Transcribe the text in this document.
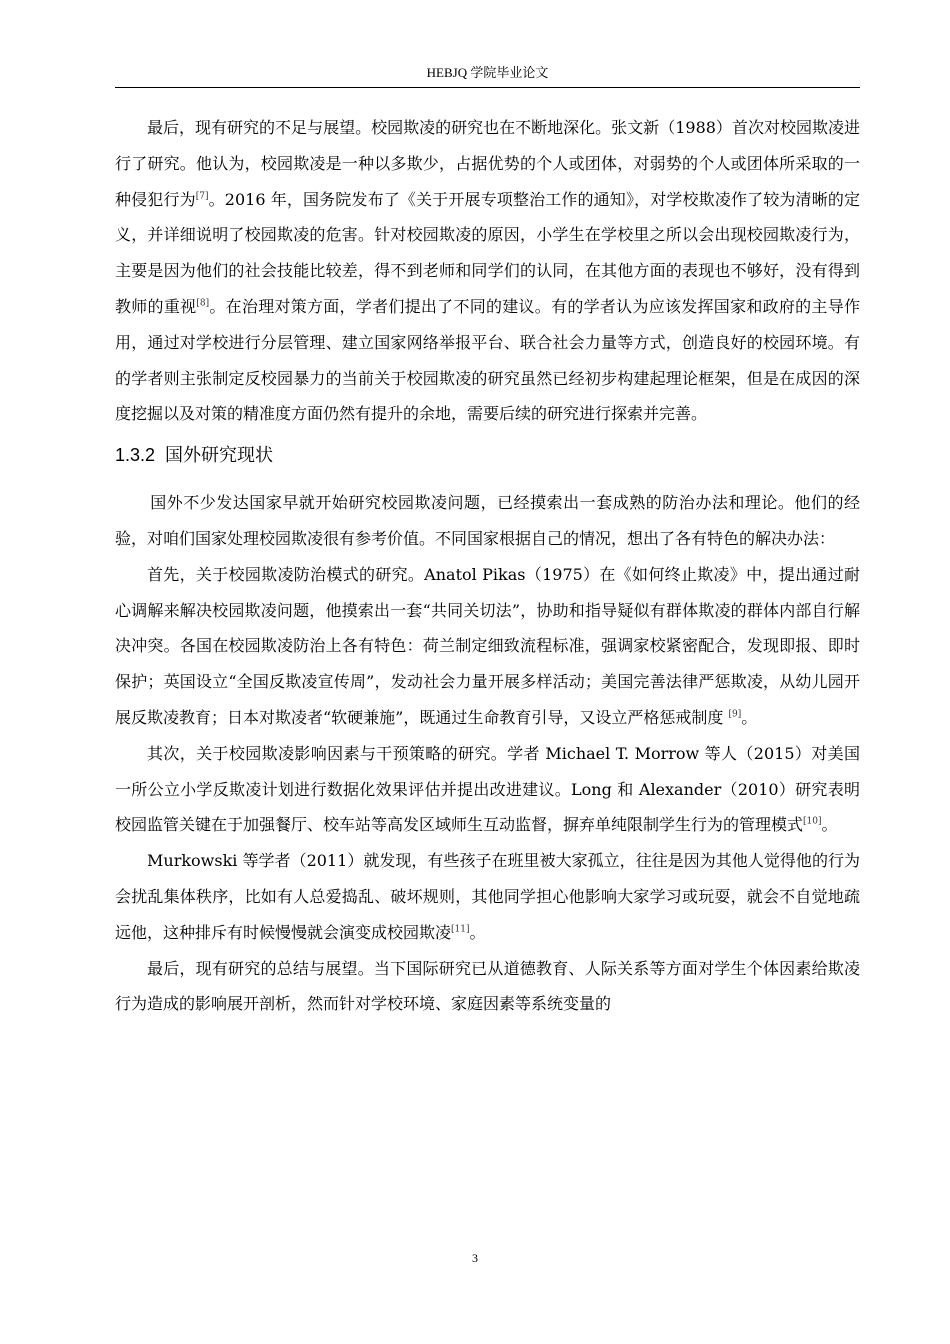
HEBJQ 学院毕业论文

最后，现有研究的不足与展望。校园欺凌的研究也在不断地深化。张文新（1988）首次对校园欺凌进行了研究。他认为，校园欺凌是一种以多欺少，占据优势的个人或团体，对弱势的个人或团体所采取的一种侵犯行为[7]。2016 年，国务院发布了《关于开展专项整治工作的通知》，对学校欺凌作了较为清晰的定义，并详细说明了校园欺凌的危害。针对校园欺凌的原因，小学生在学校里之所以会出现校园欺凌行为，主要是因为他们的社会技能比较差，得不到老师和同学们的认同，在其他方面的表现也不够好，没有得到教师的重视[8]。在治理对策方面，学者们提出了不同的建议。有的学者认为应该发挥国家和政府的主导作用，通过对学校进行分层管理、建立国家网络举报平台、联合社会力量等方式，创造良好的校园环境。有的学者则主张制定反校园暴力的当前关于校园欺凌的研究虽然已经初步构建起理论框架，但是在成因的深度挖掘以及对策的精准度方面仍然有提升的余地，需要后续的研究进行探索并完善。

1.3.2 国外研究现状

国外不少发达国家早就开始研究校园欺凌问题，已经摸索出一套成熟的防治办法和理论。他们的经验，对咱们国家处理校园欺凌很有参考价值。不同国家根据自己的情况，想出了各有特色的解决办法：

首先，关于校园欺凌防治模式的研究。Anatol Pikas（1975）在《如何终止欺凌》中，提出通过耐心调解来解决校园欺凌问题，他摸索出一套“共同关切法”，协助和指导疑似有群体欺凌的群体内部自行解决冲突。各国在校园欺凌防治上各有特色：荷兰制定细致流程标准，强调家校紧密配合，发现即报、即时保护；英国设立“全国反欺凌宣传周”，发动社会力量开展多样活动；美国完善法律严惩欺凌，从幼儿园开展反欺凌教育；日本对欺凌者“软硬兼施”，既通过生命教育引导，又设立严格惩戒制度 [9]。

其次，关于校园欺凌影响因素与干预策略的研究。学者 Michael T. Morrow 等人（2015）对美国一所公立小学反欺凌计划进行数据化效果评估并提出改进建议。Long 和 Alexander（2010）研究表明校园监管关键在于加强餐厅、校车站等高发区域师生互动监督，摒弃单纯限制学生行为的管理模式[10]。

Murkowski 等学者（2011）就发现，有些孩子在班里被大家孤立，往往是因为其他人觉得他的行为会扰乱集体秩序，比如有人总爱捣乱、破坏规则，其他同学担心他影响大家学习或玩耍，就会不自觉地疏远他，这种排斥有时候慢慢就会演变成校园欺凌[11]。

最后，现有研究的总结与展望。当下国际研究已从道德教育、人际关系等方面对学生个体因素给欺凌行为造成的影响展开剖析，然而针对学校环境、家庭因素等系统变量的

3
